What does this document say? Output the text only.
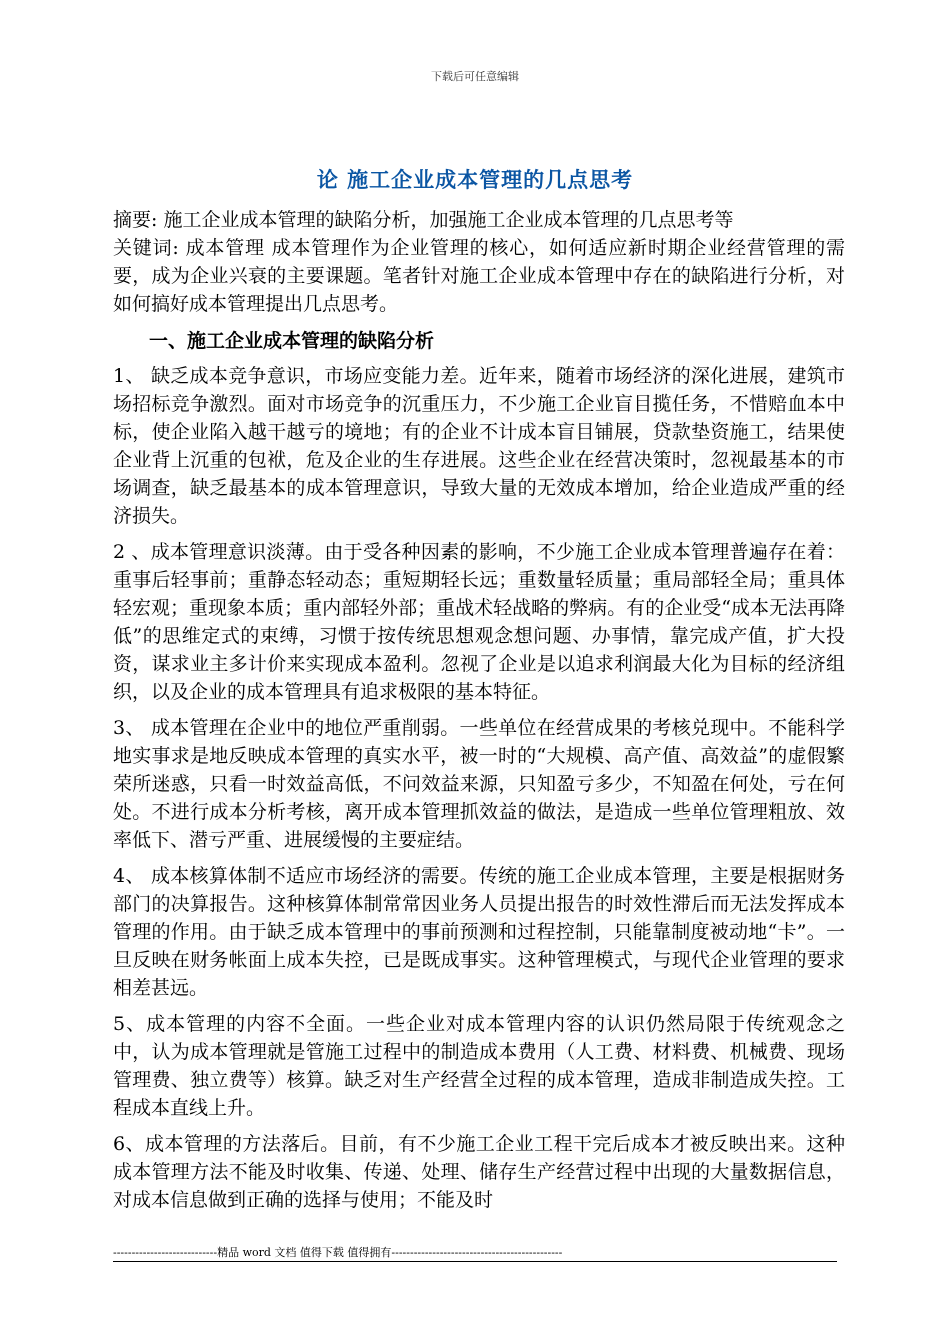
下载后可任意编辑
论 施工企业成本管理的几点思考

摘要: 施工企业成本管理的缺陷分析，加强施工企业成本管理的几点思考等

关键词: 成本管理 成本管理作为企业管理的核心，如何适应新时期企业经营管理的需要，成为企业兴衰的主要课题。笔者针对施工企业成本管理中存在的缺陷进行分析，对如何搞好成本管理提出几点思考。

一、施工企业成本管理的缺陷分析

1、 缺乏成本竞争意识，市场应变能力差。近年来，随着市场经济的深化进展，建筑市场招标竞争激烈。面对市场竞争的沉重压力，不少施工企业盲目揽任务，不惜赔血本中标，使企业陷入越干越亏的境地；有的企业不计成本盲目铺展，贷款垫资施工，结果使企业背上沉重的包袱，危及企业的生存进展。这些企业在经营决策时，忽视最基本的市场调查，缺乏最基本的成本管理意识，导致大量的无效成本增加，给企业造成严重的经济损失。

2 、成本管理意识淡薄。由于受各种因素的影响，不少施工企业成本管理普遍存在着：重事后轻事前；重静态轻动态；重短期轻长远；重数量轻质量；重局部轻全局；重具体轻宏观；重现象本质；重内部轻外部；重战术轻战略的弊病。有的企业受“成本无法再降低”的思维定式的束缚，习惯于按传统思想观念想问题、办事情，靠完成产值，扩大投资，谋求业主多计价来实现成本盈利。忽视了企业是以追求利润最大化为目标的经济组织，以及企业的成本管理具有追求极限的基本特征。

3、 成本管理在企业中的地位严重削弱。一些单位在经营成果的考核兑现中。不能科学地实事求是地反映成本管理的真实水平，被一时的“大规模、高产值、高效益”的虚假繁荣所迷惑，只看一时效益高低，不问效益来源，只知盈亏多少，不知盈在何处，亏在何处。不进行成本分析考核，离开成本管理抓效益的做法，是造成一些单位管理粗放、效率低下、潜亏严重、进展缓慢的主要症结。

4、 成本核算体制不适应市场经济的需要。传统的施工企业成本管理，主要是根据财务部门的决算报告。这种核算体制常常因业务人员提出报告的时效性滞后而无法发挥成本管理的作用。由于缺乏成本管理中的事前预测和过程控制，只能靠制度被动地“卡”。一旦反映在财务帐面上成本失控，已是既成事实。这种管理模式，与现代企业管理的要求相差甚远。

5、成本管理的内容不全面。一些企业对成本管理内容的认识仍然局限于传统观念之中，认为成本管理就是管施工过程中的制造成本费用（人工费、材料费、机械费、现场管理费、独立费等）核算。缺乏对生产经营全过程的成本管理，造成非制造成失控。工程成本直线上升。

6、成本管理的方法落后。目前，有不少施工企业工程干完后成本才被反映出来。这种成本管理方法不能及时收集、传递、处理、储存生产经营过程中出现的大量数据信息，对成本信息做到正确的选择与使用；不能及时

----------------------------精品 word 文档 值得下载 值得拥有----------------------------------------------
